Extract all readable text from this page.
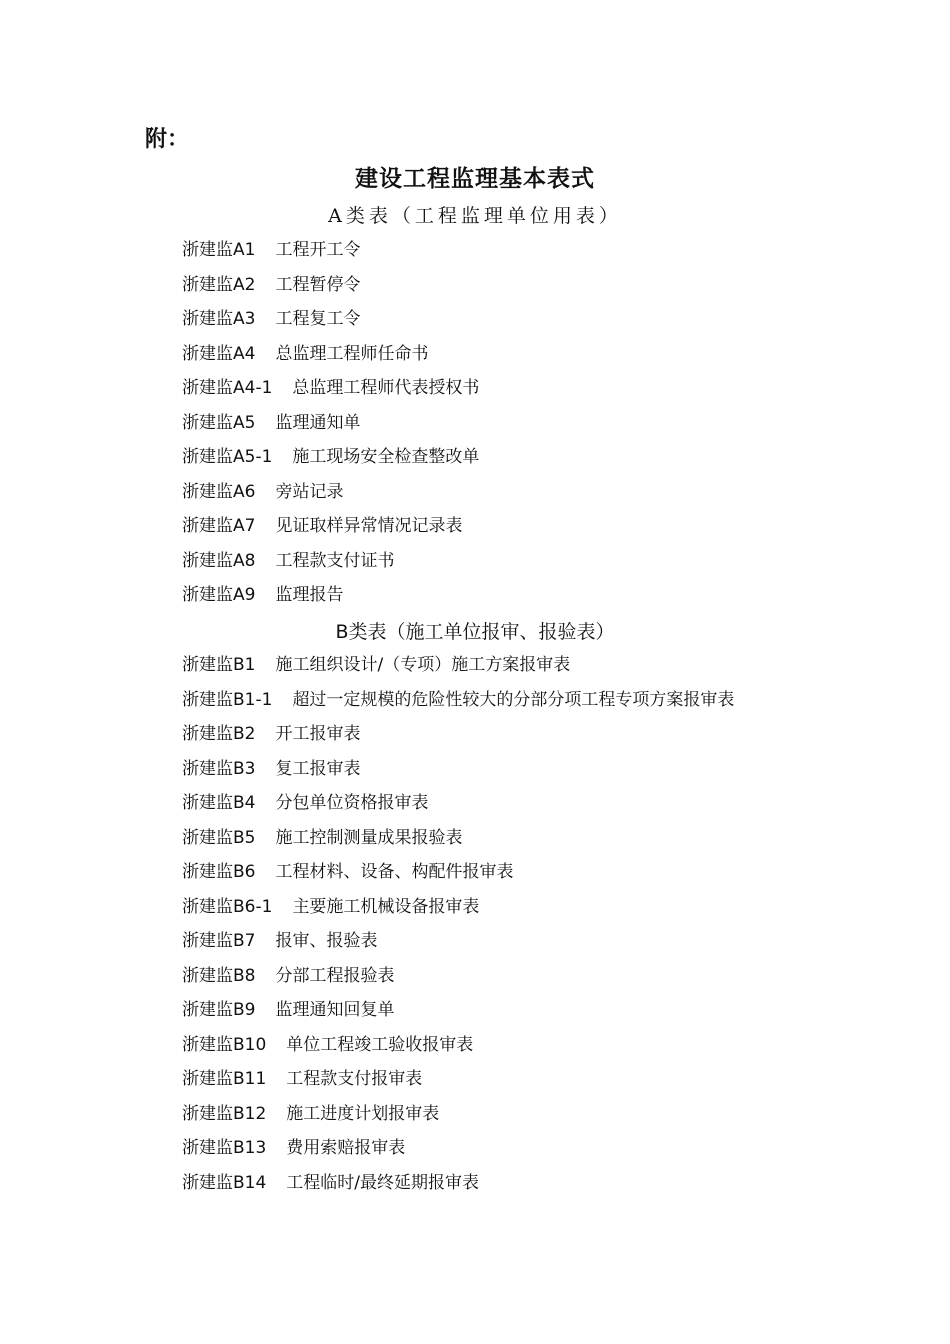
附：
建设工程监理基本表式
A类表（工程监理单位用表）
浙建监A1 工程开工令
浙建监A2 工程暂停令
浙建监A3 工程复工令
浙建监A4 总监理工程师任命书
浙建监A4-1 总监理工程师代表授权书
浙建监A5 监理通知单
浙建监A5-1 施工现场安全检查整改单
浙建监A6 旁站记录
浙建监A7 见证取样异常情况记录表
浙建监A8 工程款支付证书
浙建监A9 监理报告
B类表（施工单位报审、报验表）
浙建监B1 施工组织设计/（专项）施工方案报审表
浙建监B1-1 超过一定规模的危险性较大的分部分项工程专项方案报审表
浙建监B2 开工报审表
浙建监B3 复工报审表
浙建监B4 分包单位资格报审表
浙建监B5 施工控制测量成果报验表
浙建监B6 工程材料、设备、构配件报审表
浙建监B6-1 主要施工机械设备报审表
浙建监B7 报审、报验表
浙建监B8 分部工程报验表
浙建监B9 监理通知回复单
浙建监B10 单位工程竣工验收报审表
浙建监B11 工程款支付报审表
浙建监B12 施工进度计划报审表
浙建监B13 费用索赔报审表
浙建监B14 工程临时/最终延期报审表
